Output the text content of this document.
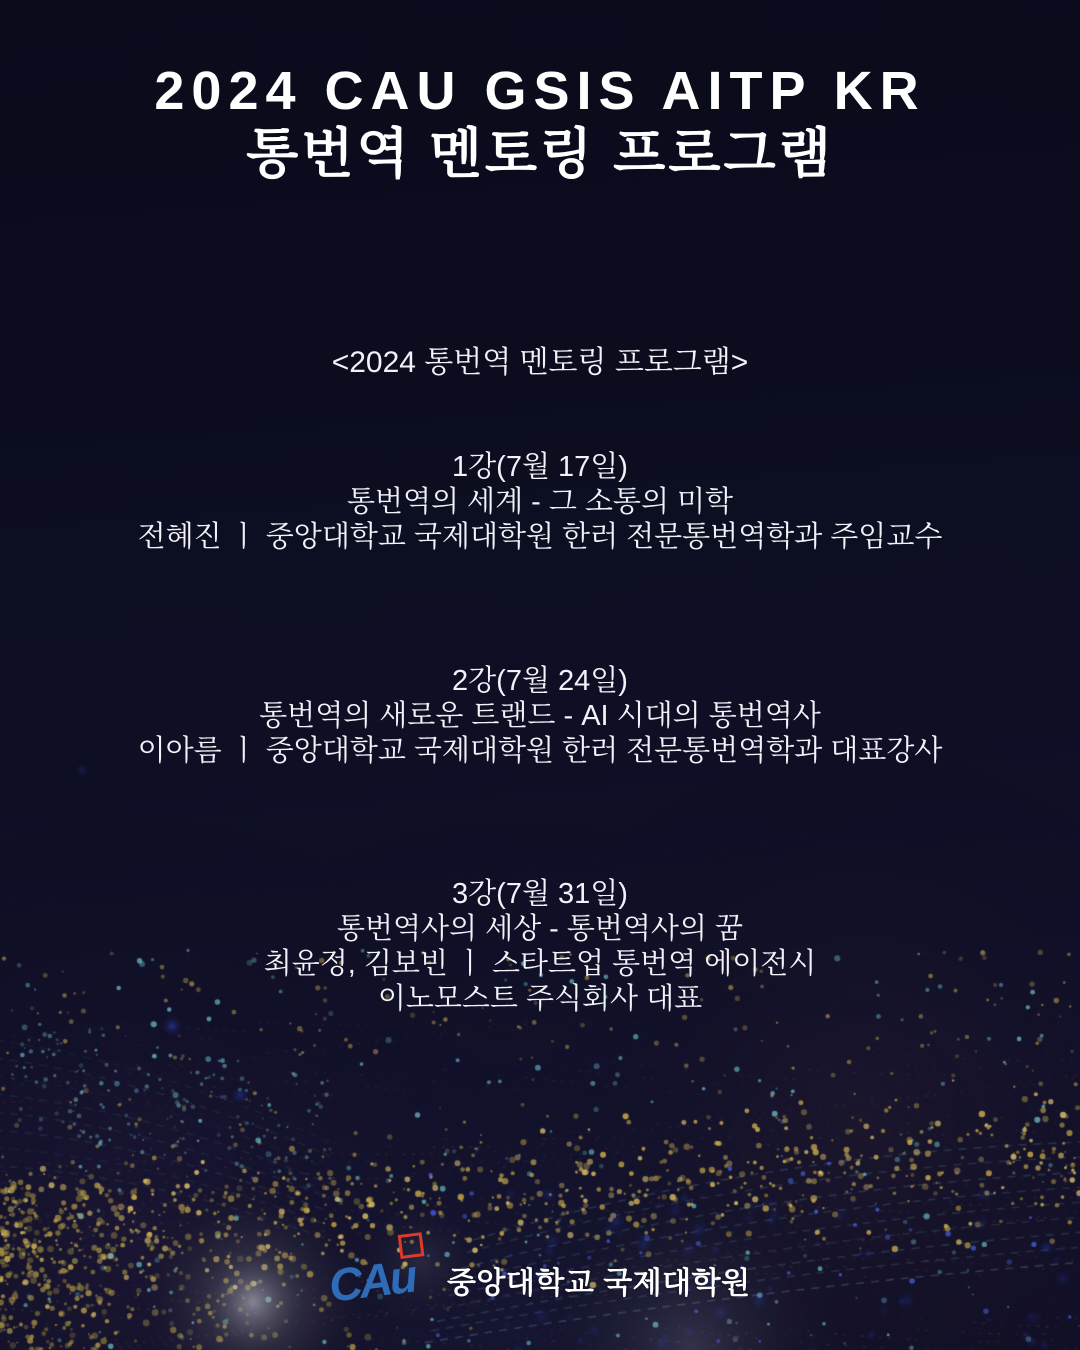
2024 CAU GSIS AITP KR
통번역 멘토링 프로그램
<2024 통번역 멘토링 프로그램>
1강(7월 17일)
통번역의 세계 - 그 소통의 미학
전혜진 ㅣ 중앙대학교 국제대학원 한러 전문통번역학과 주임교수
2강(7월 24일)
통번역의 새로운 트랜드 - AI 시대의 통번역사
이아름 ㅣ 중앙대학교 국제대학원 한러 전문통번역학과 대표강사
3강(7월 31일)
통번역사의 세상 - 통번역사의 꿈
최윤정, 김보빈 ㅣ 스타트업 통번역 에이전시
이노모스트 주식회사 대표
CAu 중앙대학교 국제대학원
